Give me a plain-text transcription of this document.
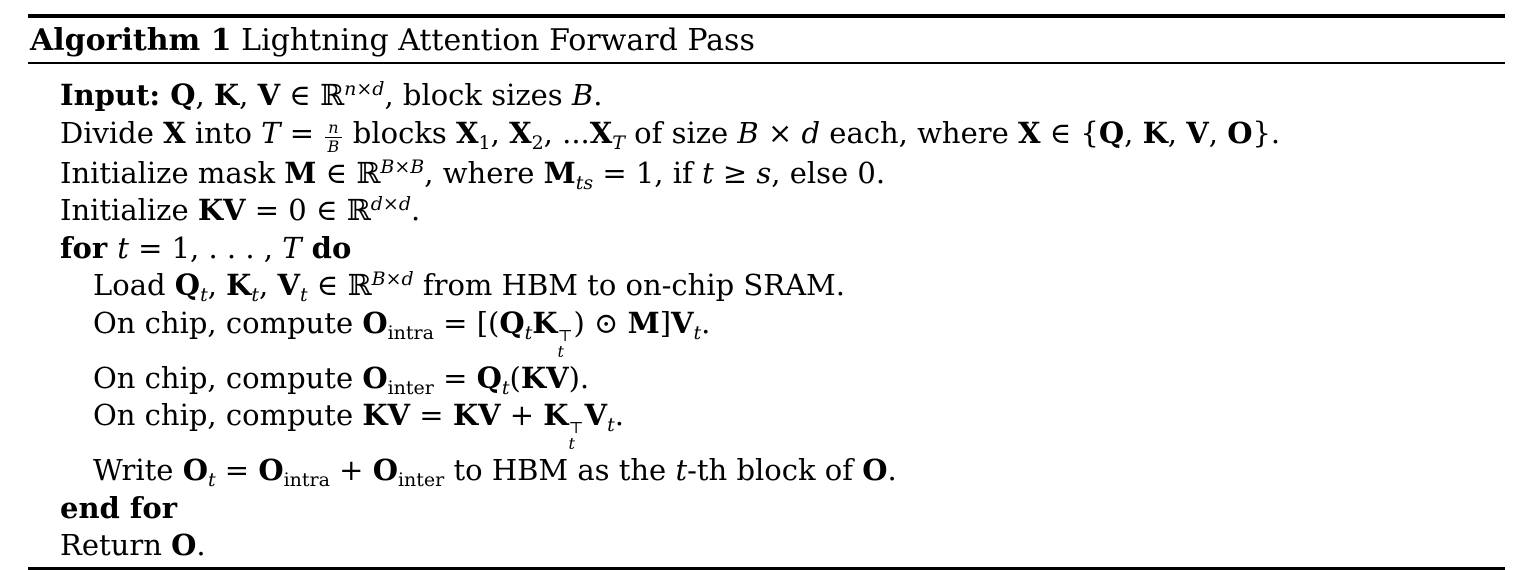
Algorithm 1 Lightning Attention Forward Pass
Input: Q, K, V ∈ ℝ$^{n\times d}$, block sizes B.
Divide X into $T = \frac{n}{B}$ blocks $X_1$, $X_2$, $...X_T$ of size B × d each, where X ∈ {Q, K, V, O}.
Initialize mask M ∈ ℝ$^{B\times B}$, where $M_{ts} = 1$, if t ≥ s, else 0.
Initialize KV = 0 ∈ ℝ$^{d\times d}$.
for t = 1, . . . , T do
Load $Q_t$, $K_t$, $V_t$ ∈ ℝ$^{B\times d}$ from HBM to on-chip SRAM.
On chip, compute $O_{intra} = [(Q_tK$ ⊤
t
) ⊙ $M]V_t$.
On chip, compute $O_{inter} = Q_t(KV)$.
On chip, compute KV = KV + K ⊤
t
$V_t$.
Write $O_t = O_{intra} + O_{inter}$ to HBM as the t-th block of O.
end for
Return O.
